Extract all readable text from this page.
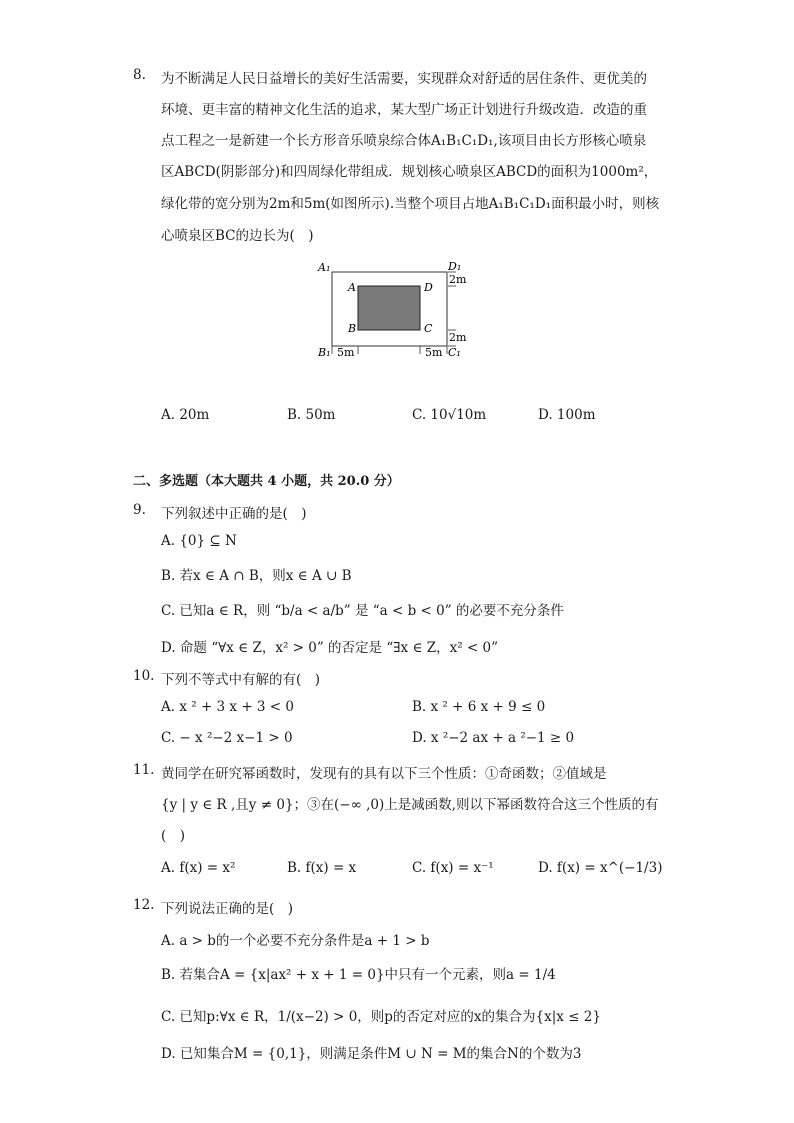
8. 为不断满足人民日益增长的美好生活需要，实现群众对舒适的居住条件、更优美的
环境、更丰富的精神文化生活的追求，某大型广场正计划进行升级改造．改造的重
点工程之一是新建一个长方形音乐喷泉综合体A₁B₁C₁D₁,该项目由长方形核心喷泉
区ABCD(阴影部分)和四周绿化带组成．规划核心喷泉区ABCD的面积为1000m²，
绿化带的宽分别为2m和5m(如图所示).当整个项目占地A₁B₁C₁D₁面积最小时，则核
心喷泉区BC的边长为(　)
A₁	D₁
B₁	C₁
A	D
B	C
2m
2m
5m	5m
A. 20m	B. 50m	C. 10√10m	D. 100m
二、多选题（本大题共 4 小题，共 20.0 分）
9. 下列叙述中正确的是(　)
A. {0} ⊆ N
B. 若x ∈ A ∩ B，则x ∈ A ∪ B
C. 已知a ∈ R，则 “b/a < a/b” 是 “a < b < 0” 的必要不充分条件
D. 命题 “∀x ∈ Z，x² > 0” 的否定是 “∃x ∈ Z，x² < 0”
10. 下列不等式中有解的有(　)
A. x ² + 3 x + 3 < 0	B. x ² + 6 x + 9 ≤ 0
C. − x ²−2 x−1 > 0	D. x ²−2 ax + a ²−1 ≥ 0
11. 黄同学在研究幂函数时，发现有的具有以下三个性质：①奇函数；②值域是
{y | y ∈ R ,且y ≠ 0}；③在(−∞ ,0)上是减函数,则以下幂函数符合这三个性质的有
(　)
A. f(x) = x²	B. f(x) = x	C. f(x) = x⁻¹	D. f(x) = x^(−1/3)
12. 下列说法正确的是(　)
A. a > b的一个必要不充分条件是a + 1 > b
B. 若集合A = {x|ax² + x + 1 = 0}中只有一个元素，则a = 1/4
C. 已知p:∀x ∈ R，1/(x−2) > 0，则p的否定对应的x的集合为{x|x ≤ 2}
D. 已知集合M = {0,1}，则满足条件M ∪ N = M的集合N的个数为3
